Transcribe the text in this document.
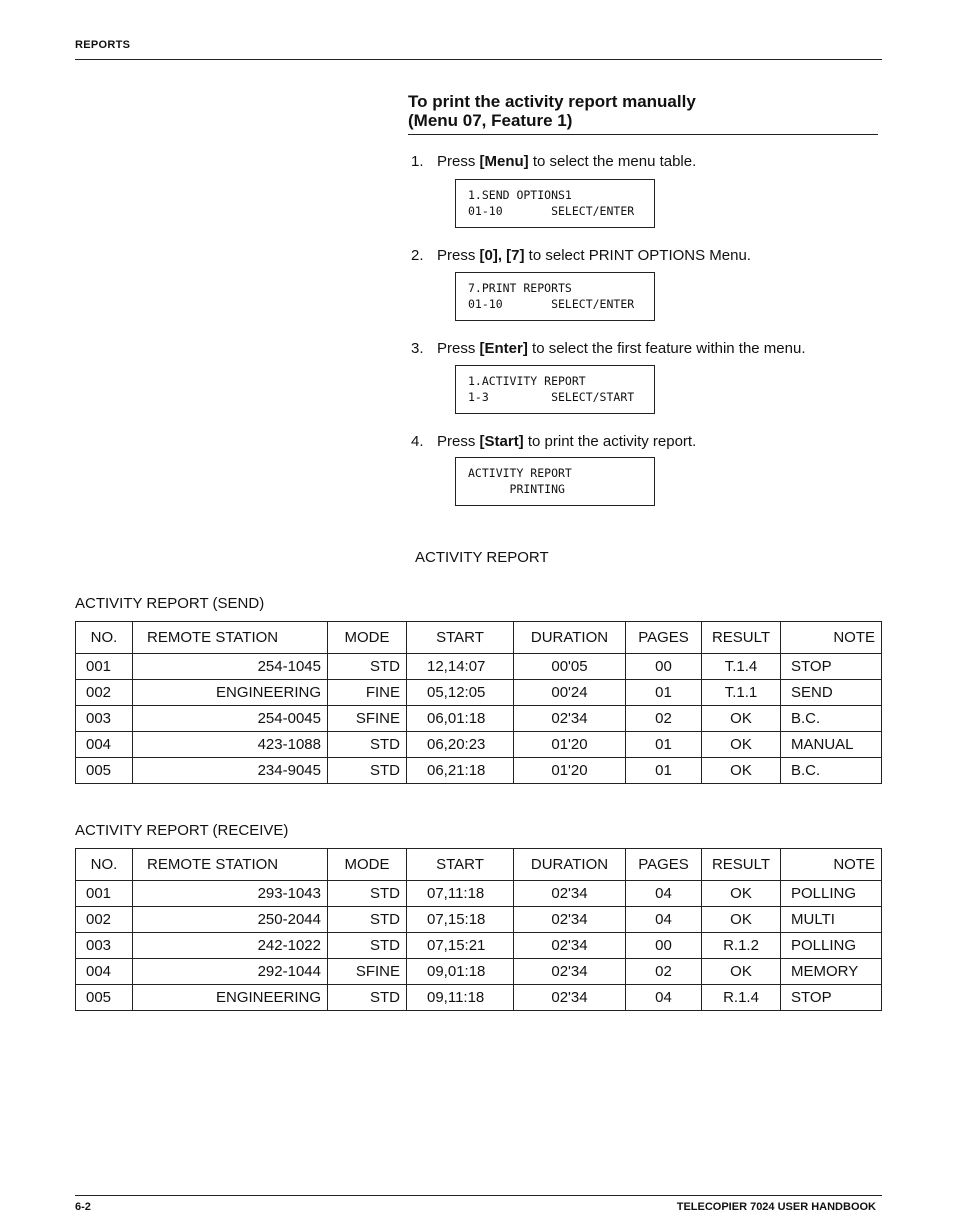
REPORTS
To print the activity report manually
(Menu 07, Feature 1)
1. Press [Menu] to select the menu table.
1.SEND OPTIONS1
01-10       SELECT/ENTER
2. Press [0], [7] to select PRINT OPTIONS Menu.
7.PRINT REPORTS
01-10       SELECT/ENTER
3. Press [Enter] to select the first feature within the menu.
1.ACTIVITY REPORT
1-3         SELECT/START
4. Press [Start] to print the activity report.
ACTIVITY REPORT
PRINTING
ACTIVITY REPORT
ACTIVITY REPORT (SEND)
NO.	REMOTE STATION	MODE	START	DURATION	PAGES	RESULT	NOTE
001	254-1045	STD	12,14:07	00'05	00	T.1.4	STOP
002	ENGINEERING	FINE	05,12:05	00'24	01	T.1.1	SEND
003	254-0045	SFINE	06,01:18	02'34	02	OK	B.C.
004	423-1088	STD	06,20:23	01'20	01	OK	MANUAL
005	234-9045	STD	06,21:18	01'20	01	OK	B.C.
ACTIVITY REPORT (RECEIVE)
NO.	REMOTE STATION	MODE	START	DURATION	PAGES	RESULT	NOTE
001	293-1043	STD	07,11:18	02'34	04	OK	POLLING
002	250-2044	STD	07,15:18	02'34	04	OK	MULTI
003	242-1022	STD	07,15:21	02'34	00	R.1.2	POLLING
004	292-1044	SFINE	09,01:18	02'34	02	OK	MEMORY
005	ENGINEERING	STD	09,11:18	02'34	04	R.1.4	STOP
6-2	TELECOPIER 7024 USER HANDBOOK
